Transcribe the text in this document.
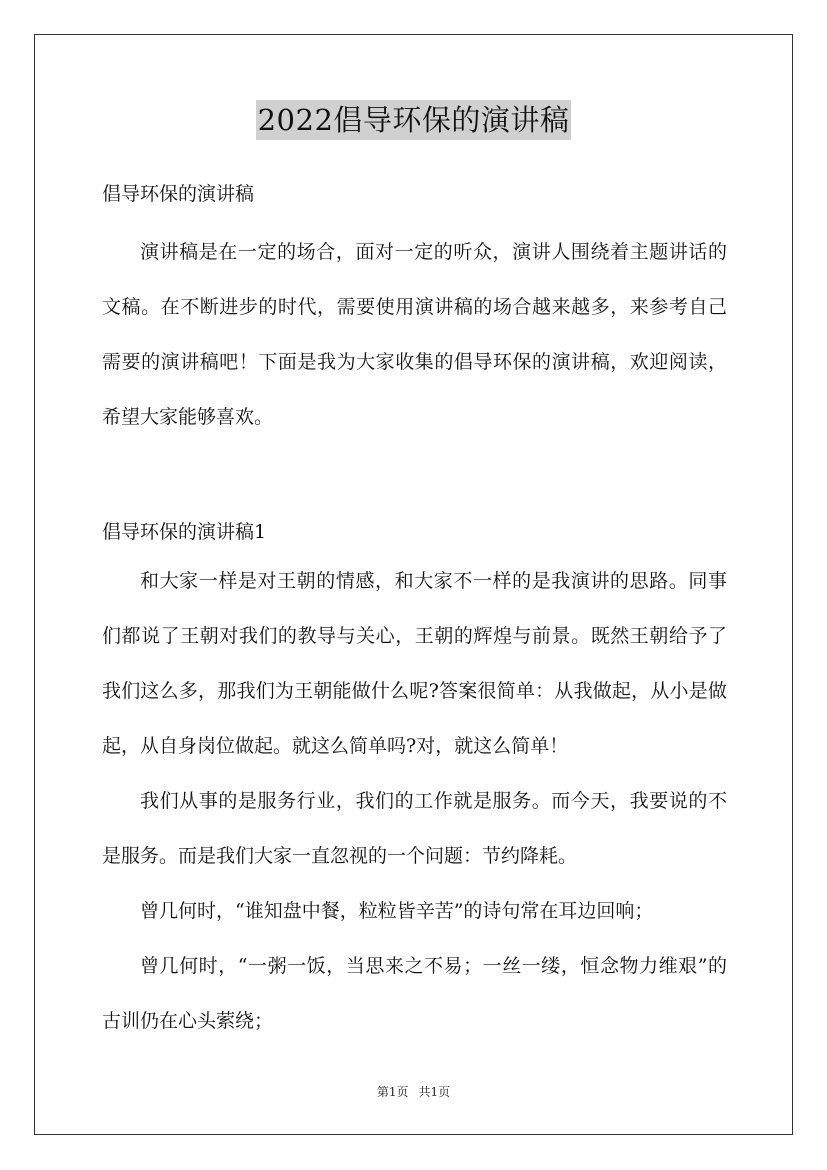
2022倡导环保的演讲稿

倡导环保的演讲稿

演讲稿是在一定的场合，面对一定的听众，演讲人围绕着主题讲话的文稿。在不断进步的时代，需要使用演讲稿的场合越来越多，来参考自己需要的演讲稿吧！下面是我为大家收集的倡导环保的演讲稿，欢迎阅读，希望大家能够喜欢。

倡导环保的演讲稿1

和大家一样是对王朝的情感，和大家不一样的是我演讲的思路。同事们都说了王朝对我们的教导与关心，王朝的辉煌与前景。既然王朝给予了我们这么多，那我们为王朝能做什么呢?答案很简单：从我做起，从小是做起，从自身岗位做起。就这么简单吗?对，就这么简单！

我们从事的是服务行业，我们的工作就是服务。而今天，我要说的不是服务。而是我们大家一直忽视的一个问题：节约降耗。

曾几何时，“谁知盘中餐，粒粒皆辛苦”的诗句常在耳边回响；

曾几何时，“一粥一饭，当思来之不易；一丝一缕，恒念物力维艰”的古训仍在心头萦绕；

第1页 共1页
